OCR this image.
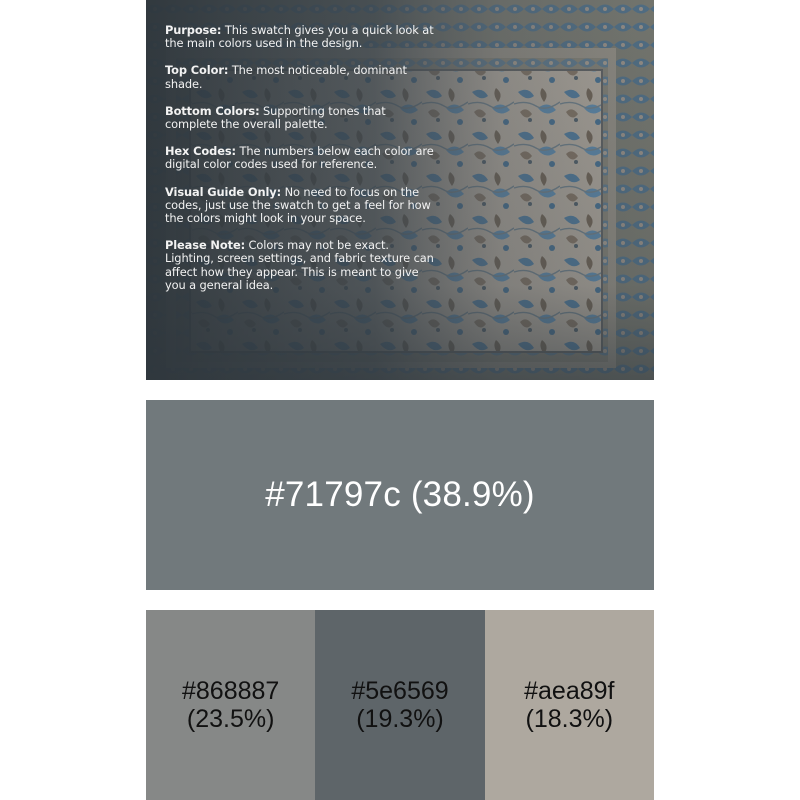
Purpose: This swatch gives you a quick look at the main colors used in the design.

Top Color: The most noticeable, dominant shade.

Bottom Colors: Supporting tones that complete the overall palette.

Hex Codes: The numbers below each color are digital color codes used for reference.

Visual Guide Only: No need to focus on the codes, just use the swatch to get a feel for how the colors might look in your space.

Please Note: Colors may not be exact. Lighting, screen settings, and fabric texture can affect how they appear. This is meant to give you a general idea.

#71797c (38.9%)
#868887
(23.5%)
#5e6569
(19.3%)
#aea89f
(18.3%)
